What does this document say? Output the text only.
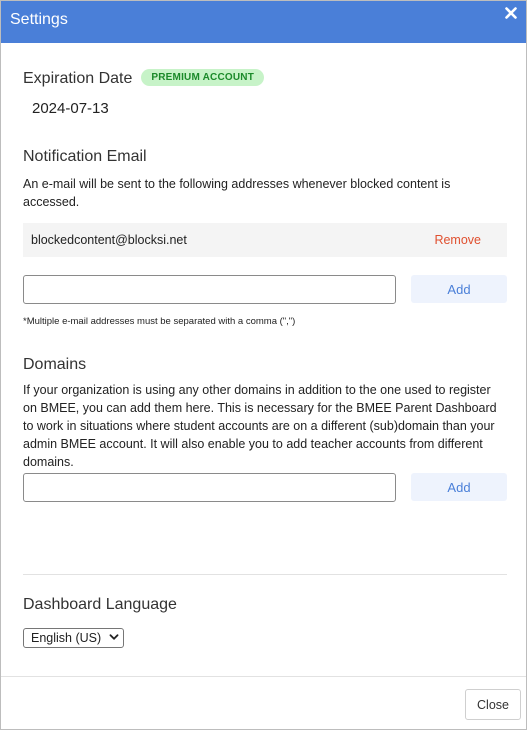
Settings
Expiration Date	PREMIUM ACCOUNT
2024-07-13
Notification Email
An e-mail will be sent to the following addresses whenever blocked content is accessed.
blockedcontent@blocksi.net	Remove
Add
*Multiple e-mail addresses must be separated with a comma (",")
Domains
If your organization is using any other domains in addition to the one used to register on BMEE, you can add them here. This is necessary for the BMEE Parent Dashboard to work in situations where student accounts are on a different (sub)domain than your admin BMEE account. It will also enable you to add teacher accounts from different domains.
Add
Dashboard Language
English (US)
Close
